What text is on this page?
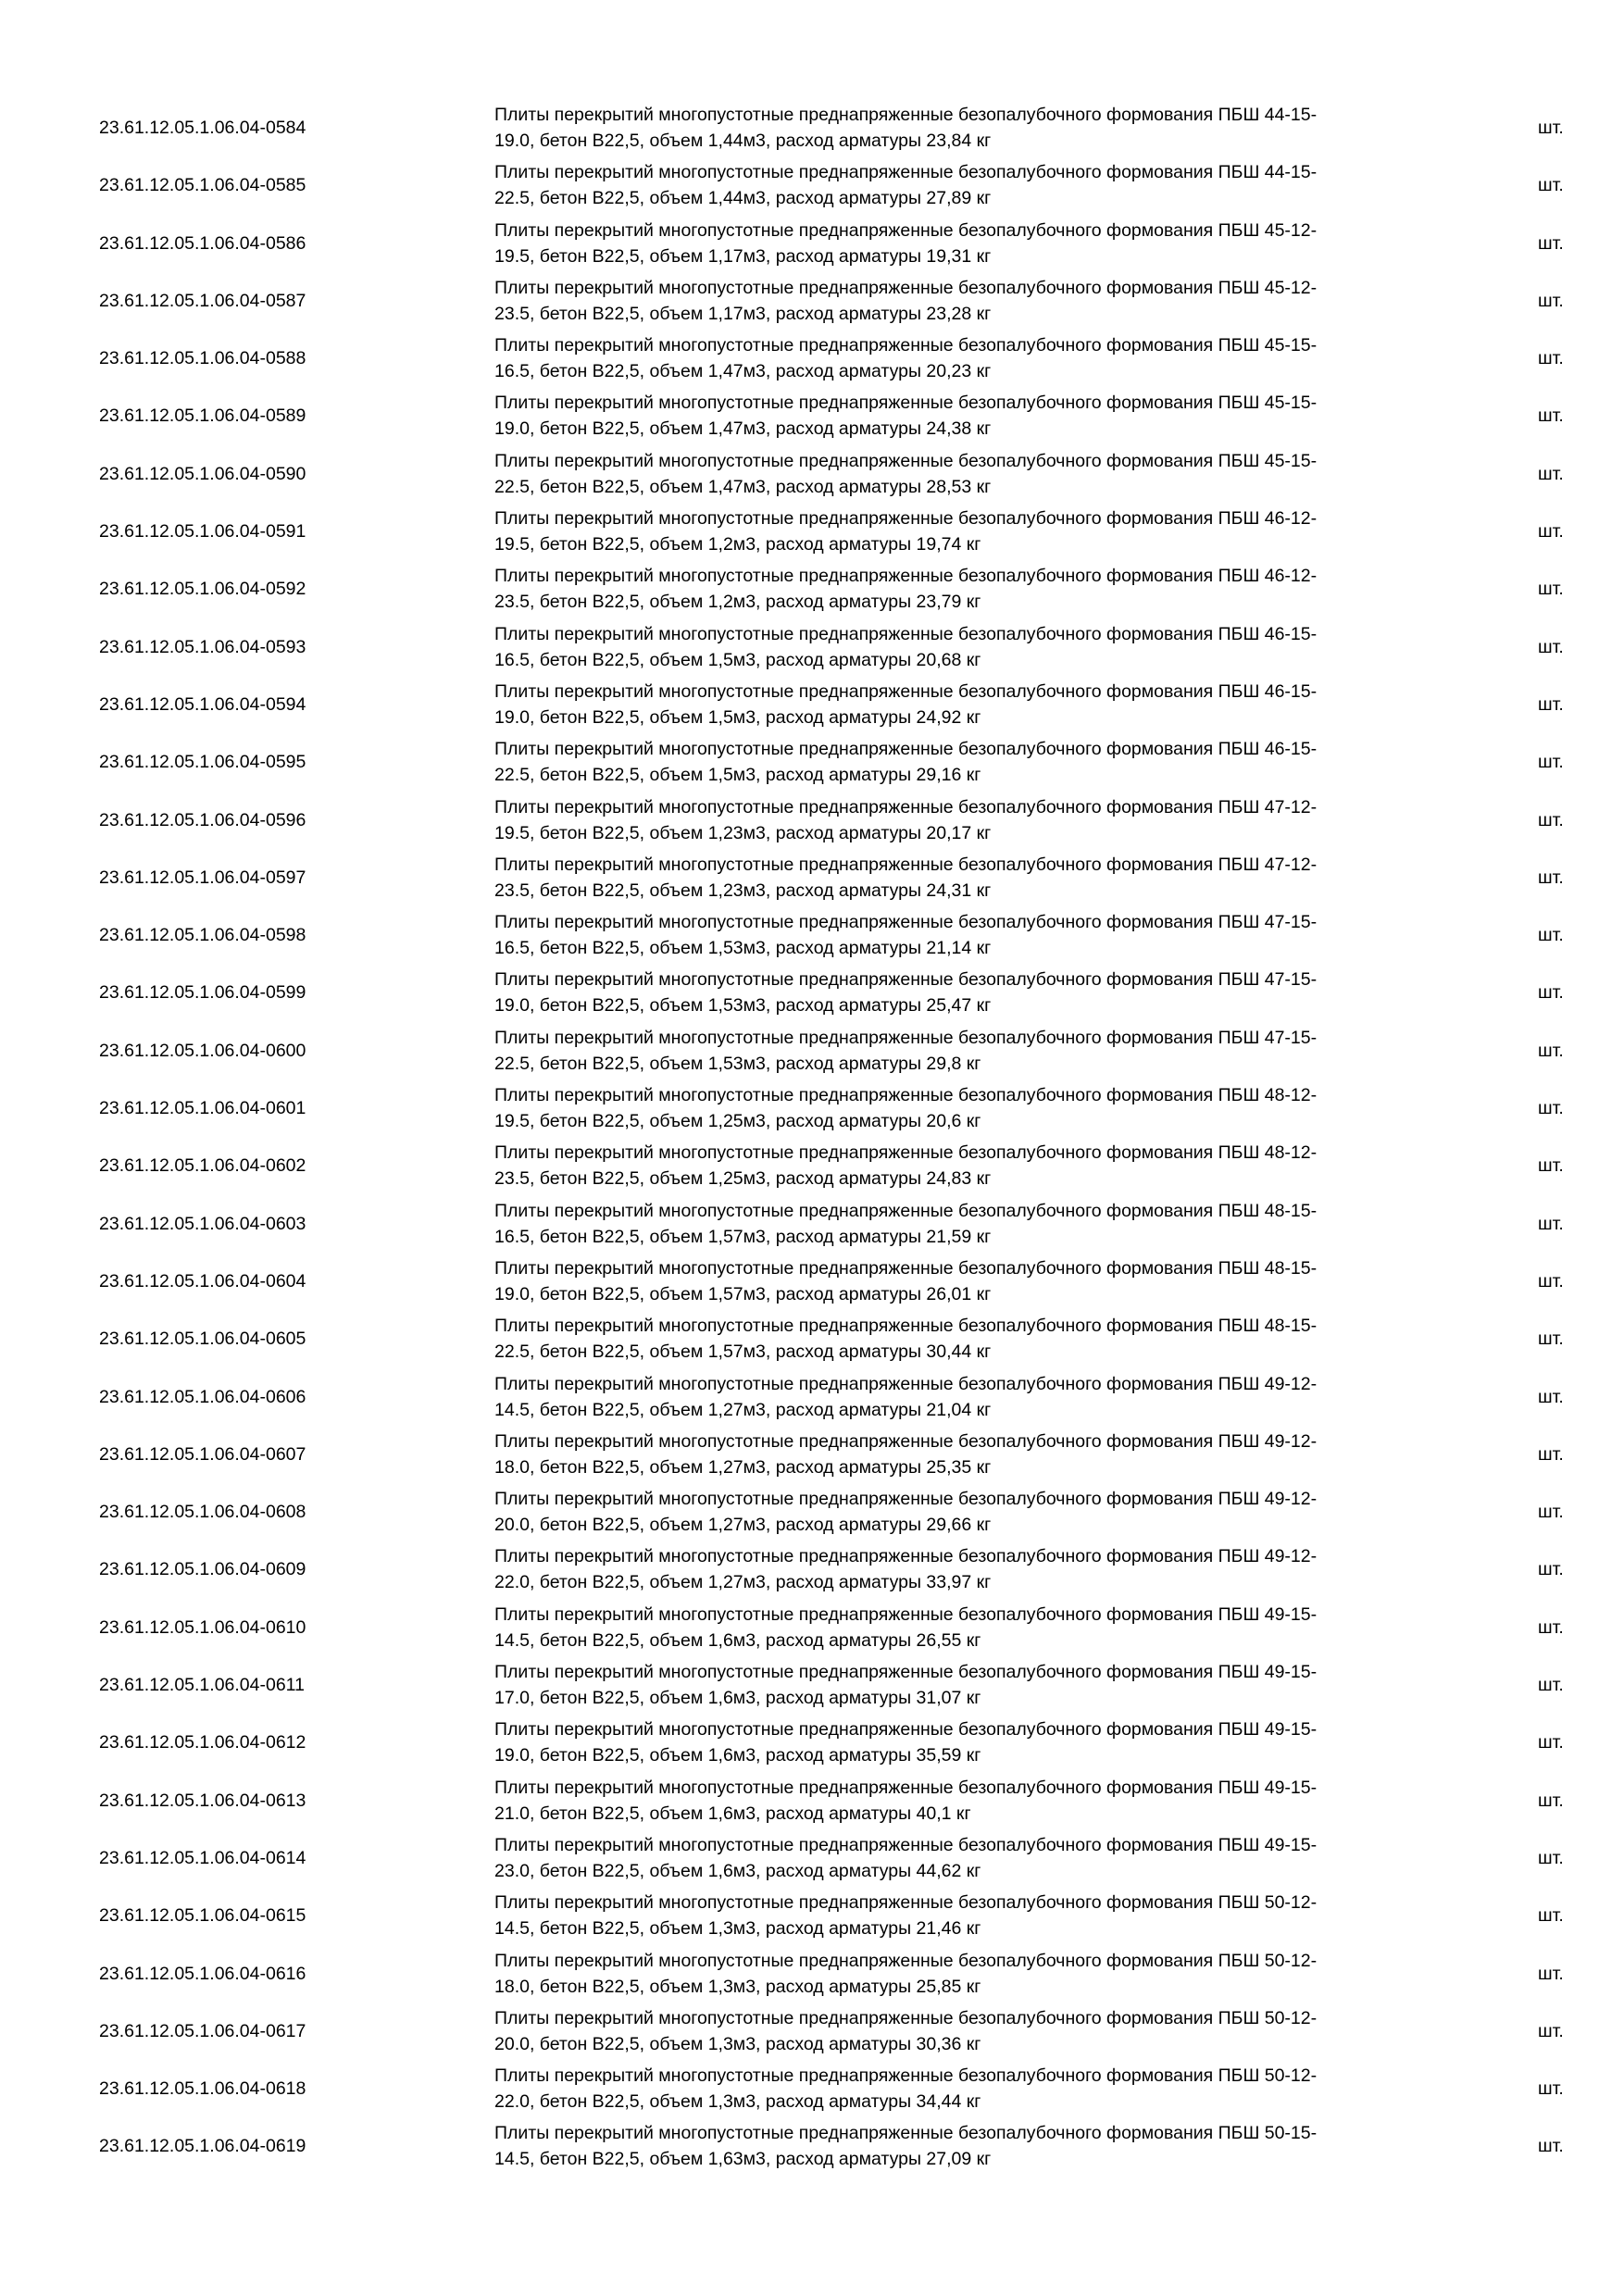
23.61.12.05.1.06.04-0584
Плиты перекрытий многопустотные преднапряженные безопалубочного формования ПБШ 44-15-
19.0, бетон В22,5, объем 1,44м3, расход арматуры 23,84 кг
шт.
23.61.12.05.1.06.04-0585
Плиты перекрытий многопустотные преднапряженные безопалубочного формования ПБШ 44-15-
22.5, бетон В22,5, объем 1,44м3, расход арматуры 27,89 кг
шт.
23.61.12.05.1.06.04-0586
Плиты перекрытий многопустотные преднапряженные безопалубочного формования ПБШ 45-12-
19.5, бетон В22,5, объем 1,17м3, расход арматуры 19,31 кг
шт.
23.61.12.05.1.06.04-0587
Плиты перекрытий многопустотные преднапряженные безопалубочного формования ПБШ 45-12-
23.5, бетон В22,5, объем 1,17м3, расход арматуры 23,28 кг
шт.
23.61.12.05.1.06.04-0588
Плиты перекрытий многопустотные преднапряженные безопалубочного формования ПБШ 45-15-
16.5, бетон В22,5, объем 1,47м3, расход арматуры 20,23 кг
шт.
23.61.12.05.1.06.04-0589
Плиты перекрытий многопустотные преднапряженные безопалубочного формования ПБШ 45-15-
19.0, бетон В22,5, объем 1,47м3, расход арматуры 24,38 кг
шт.
23.61.12.05.1.06.04-0590
Плиты перекрытий многопустотные преднапряженные безопалубочного формования ПБШ 45-15-
22.5, бетон В22,5, объем 1,47м3, расход арматуры 28,53 кг
шт.
23.61.12.05.1.06.04-0591
Плиты перекрытий многопустотные преднапряженные безопалубочного формования ПБШ 46-12-
19.5, бетон В22,5, объем 1,2м3, расход арматуры 19,74 кг
шт.
23.61.12.05.1.06.04-0592
Плиты перекрытий многопустотные преднапряженные безопалубочного формования ПБШ 46-12-
23.5, бетон В22,5, объем 1,2м3, расход арматуры 23,79 кг
шт.
23.61.12.05.1.06.04-0593
Плиты перекрытий многопустотные преднапряженные безопалубочного формования ПБШ 46-15-
16.5, бетон В22,5, объем 1,5м3, расход арматуры 20,68 кг
шт.
23.61.12.05.1.06.04-0594
Плиты перекрытий многопустотные преднапряженные безопалубочного формования ПБШ 46-15-
19.0, бетон В22,5, объем 1,5м3, расход арматуры 24,92 кг
шт.
23.61.12.05.1.06.04-0595
Плиты перекрытий многопустотные преднапряженные безопалубочного формования ПБШ 46-15-
22.5, бетон В22,5, объем 1,5м3, расход арматуры 29,16 кг
шт.
23.61.12.05.1.06.04-0596
Плиты перекрытий многопустотные преднапряженные безопалубочного формования ПБШ 47-12-
19.5, бетон В22,5, объем 1,23м3, расход арматуры 20,17 кг
шт.
23.61.12.05.1.06.04-0597
Плиты перекрытий многопустотные преднапряженные безопалубочного формования ПБШ 47-12-
23.5, бетон В22,5, объем 1,23м3, расход арматуры 24,31 кг
шт.
23.61.12.05.1.06.04-0598
Плиты перекрытий многопустотные преднапряженные безопалубочного формования ПБШ 47-15-
16.5, бетон В22,5, объем 1,53м3, расход арматуры 21,14 кг
шт.
23.61.12.05.1.06.04-0599
Плиты перекрытий многопустотные преднапряженные безопалубочного формования ПБШ 47-15-
19.0, бетон В22,5, объем 1,53м3, расход арматуры 25,47 кг
шт.
23.61.12.05.1.06.04-0600
Плиты перекрытий многопустотные преднапряженные безопалубочного формования ПБШ 47-15-
22.5, бетон В22,5, объем 1,53м3, расход арматуры 29,8 кг
шт.
23.61.12.05.1.06.04-0601
Плиты перекрытий многопустотные преднапряженные безопалубочного формования ПБШ 48-12-
19.5, бетон В22,5, объем 1,25м3, расход арматуры 20,6 кг
шт.
23.61.12.05.1.06.04-0602
Плиты перекрытий многопустотные преднапряженные безопалубочного формования ПБШ 48-12-
23.5, бетон В22,5, объем 1,25м3, расход арматуры 24,83 кг
шт.
23.61.12.05.1.06.04-0603
Плиты перекрытий многопустотные преднапряженные безопалубочного формования ПБШ 48-15-
16.5, бетон В22,5, объем 1,57м3, расход арматуры 21,59 кг
шт.
23.61.12.05.1.06.04-0604
Плиты перекрытий многопустотные преднапряженные безопалубочного формования ПБШ 48-15-
19.0, бетон В22,5, объем 1,57м3, расход арматуры 26,01 кг
шт.
23.61.12.05.1.06.04-0605
Плиты перекрытий многопустотные преднапряженные безопалубочного формования ПБШ 48-15-
22.5, бетон В22,5, объем 1,57м3, расход арматуры 30,44 кг
шт.
23.61.12.05.1.06.04-0606
Плиты перекрытий многопустотные преднапряженные безопалубочного формования ПБШ 49-12-
14.5, бетон В22,5, объем 1,27м3, расход арматуры 21,04 кг
шт.
23.61.12.05.1.06.04-0607
Плиты перекрытий многопустотные преднапряженные безопалубочного формования ПБШ 49-12-
18.0, бетон В22,5, объем 1,27м3, расход арматуры 25,35 кг
шт.
23.61.12.05.1.06.04-0608
Плиты перекрытий многопустотные преднапряженные безопалубочного формования ПБШ 49-12-
20.0, бетон В22,5, объем 1,27м3, расход арматуры 29,66 кг
шт.
23.61.12.05.1.06.04-0609
Плиты перекрытий многопустотные преднапряженные безопалубочного формования ПБШ 49-12-
22.0, бетон В22,5, объем 1,27м3, расход арматуры 33,97 кг
шт.
23.61.12.05.1.06.04-0610
Плиты перекрытий многопустотные преднапряженные безопалубочного формования ПБШ 49-15-
14.5, бетон В22,5, объем 1,6м3, расход арматуры 26,55 кг
шт.
23.61.12.05.1.06.04-0611
Плиты перекрытий многопустотные преднапряженные безопалубочного формования ПБШ 49-15-
17.0, бетон В22,5, объем 1,6м3, расход арматуры 31,07 кг
шт.
23.61.12.05.1.06.04-0612
Плиты перекрытий многопустотные преднапряженные безопалубочного формования ПБШ 49-15-
19.0, бетон В22,5, объем 1,6м3, расход арматуры 35,59 кг
шт.
23.61.12.05.1.06.04-0613
Плиты перекрытий многопустотные преднапряженные безопалубочного формования ПБШ 49-15-
21.0, бетон В22,5, объем 1,6м3, расход арматуры 40,1 кг
шт.
23.61.12.05.1.06.04-0614
Плиты перекрытий многопустотные преднапряженные безопалубочного формования ПБШ 49-15-
23.0, бетон В22,5, объем 1,6м3, расход арматуры 44,62 кг
шт.
23.61.12.05.1.06.04-0615
Плиты перекрытий многопустотные преднапряженные безопалубочного формования ПБШ 50-12-
14.5, бетон В22,5, объем 1,3м3, расход арматуры 21,46 кг
шт.
23.61.12.05.1.06.04-0616
Плиты перекрытий многопустотные преднапряженные безопалубочного формования ПБШ 50-12-
18.0, бетон В22,5, объем 1,3м3, расход арматуры 25,85 кг
шт.
23.61.12.05.1.06.04-0617
Плиты перекрытий многопустотные преднапряженные безопалубочного формования ПБШ 50-12-
20.0, бетон В22,5, объем 1,3м3, расход арматуры 30,36 кг
шт.
23.61.12.05.1.06.04-0618
Плиты перекрытий многопустотные преднапряженные безопалубочного формования ПБШ 50-12-
22.0, бетон В22,5, объем 1,3м3, расход арматуры 34,44 кг
шт.
23.61.12.05.1.06.04-0619
Плиты перекрытий многопустотные преднапряженные безопалубочного формования ПБШ 50-15-
14.5, бетон В22,5, объем 1,63м3, расход арматуры 27,09 кг
шт.
